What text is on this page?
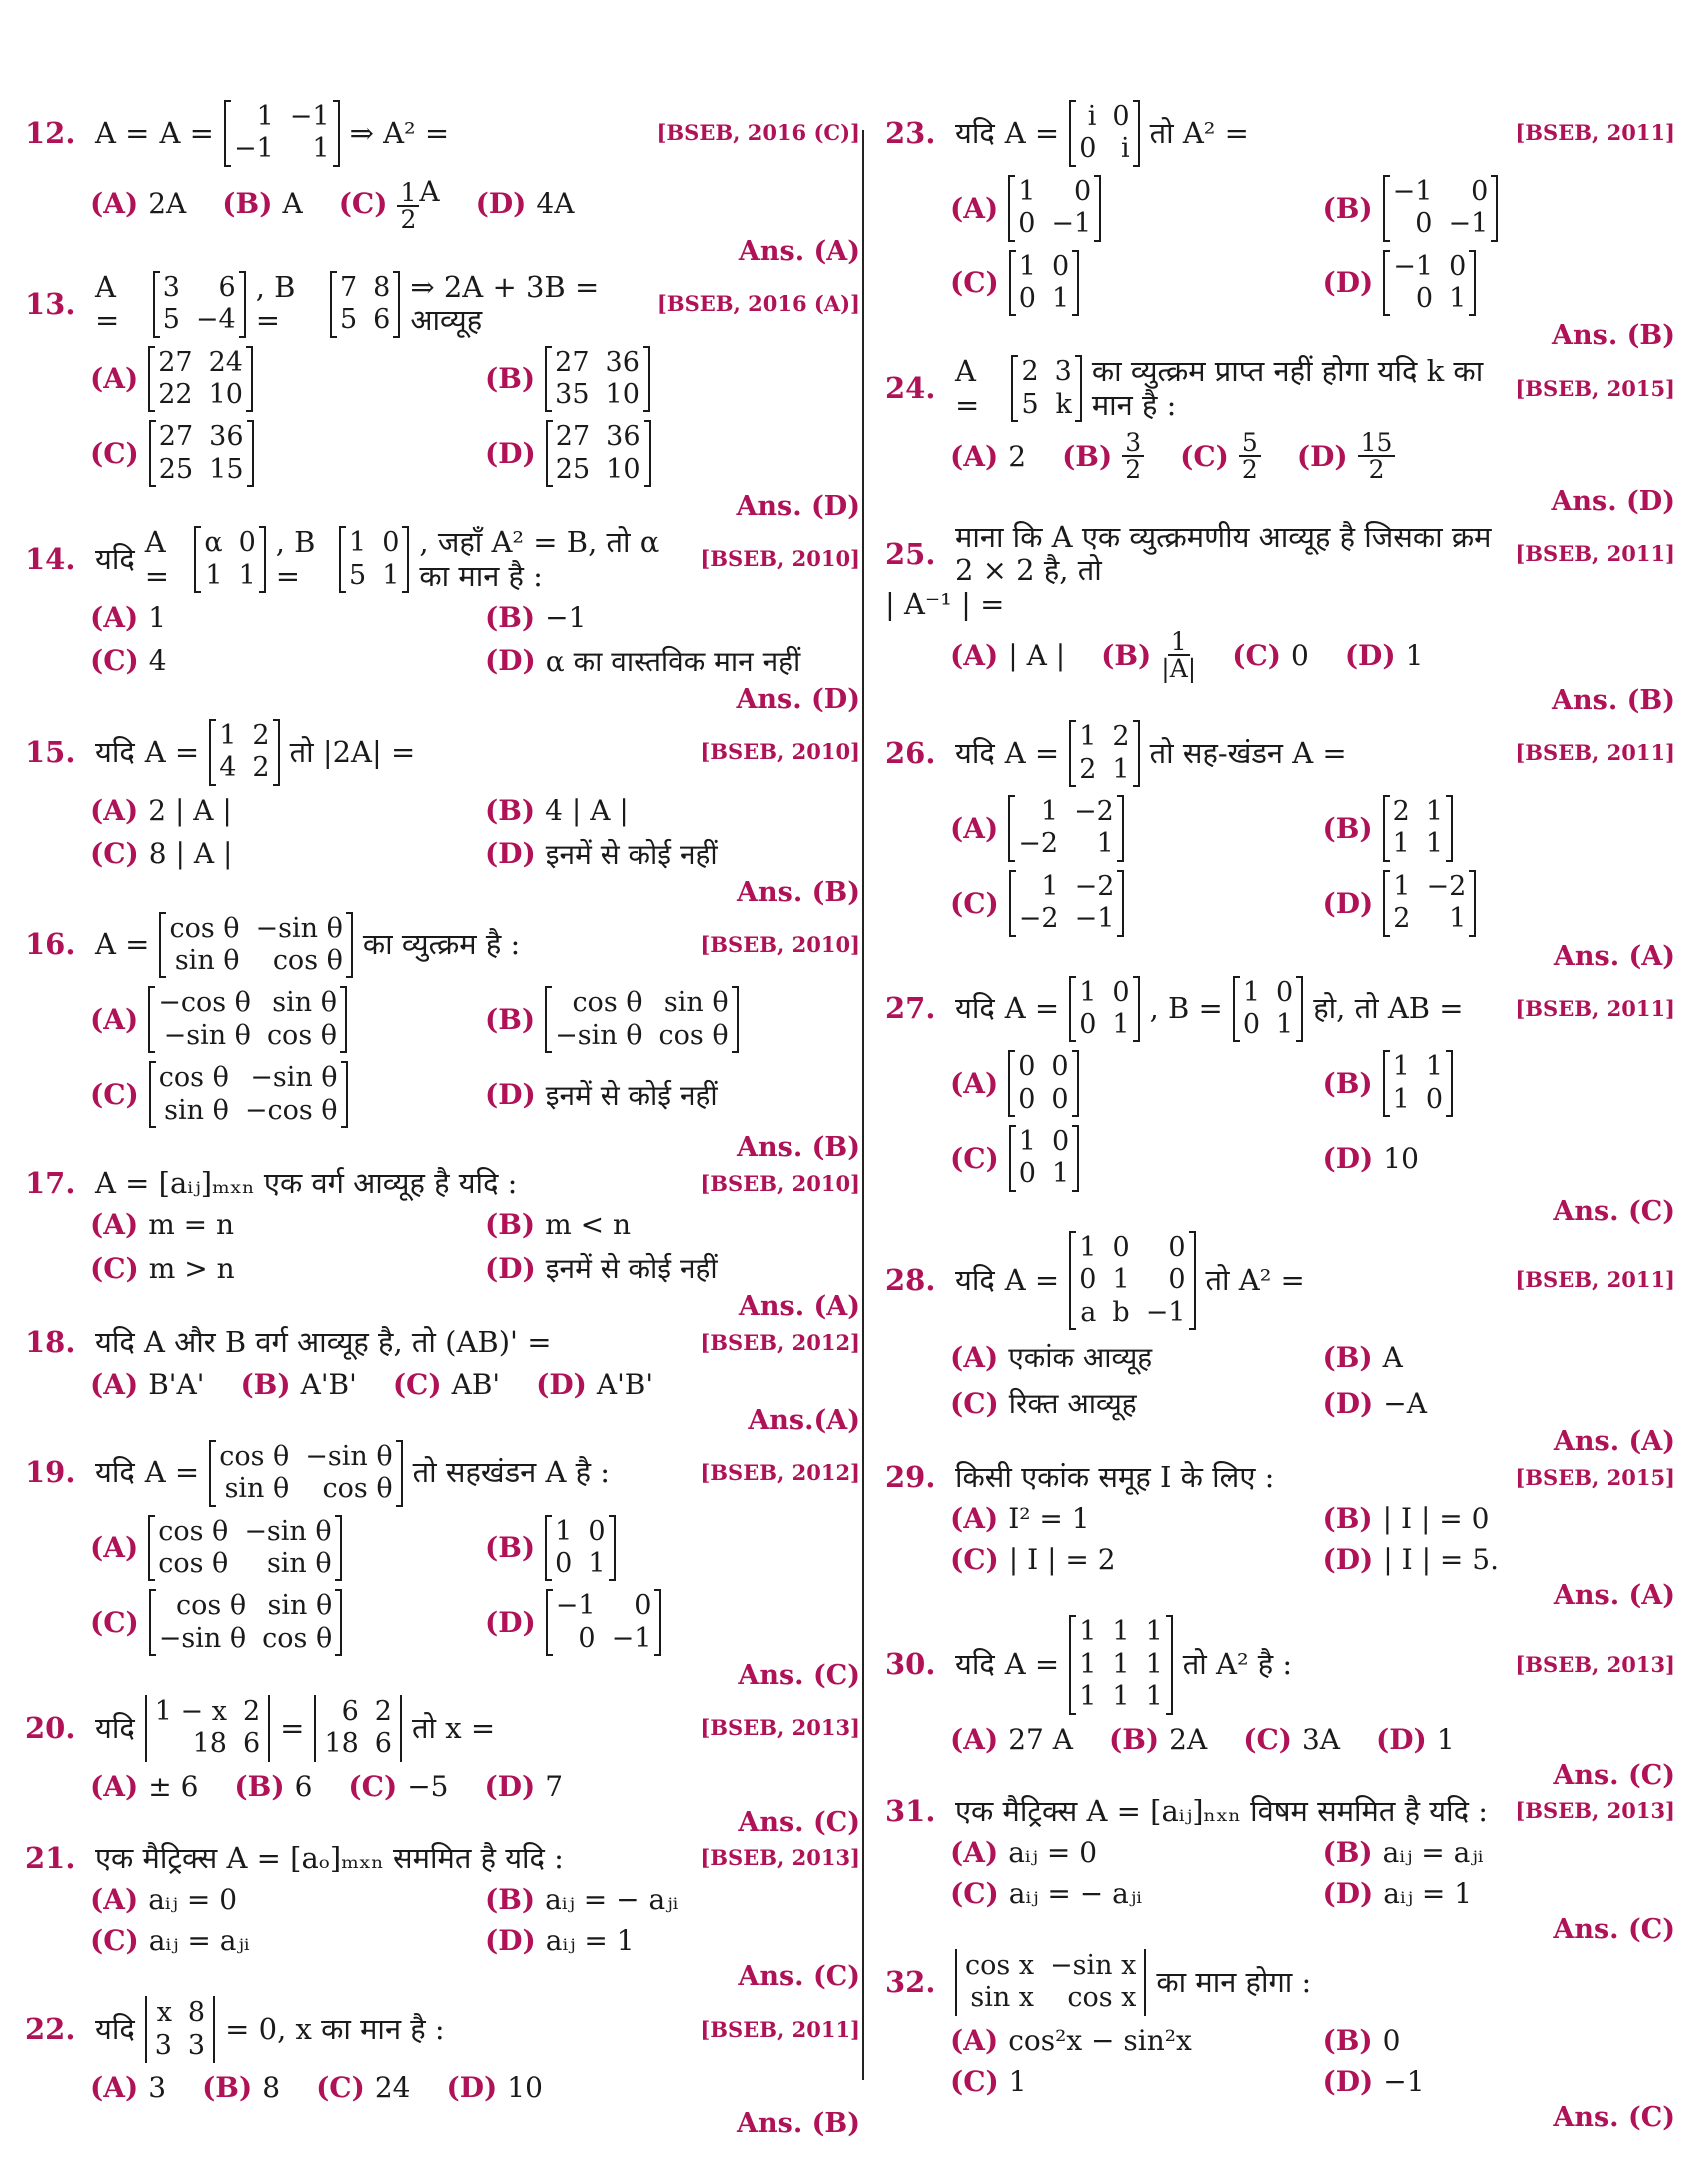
12. A = A =	1 −1
−1	1 ⇒ A² =	[BSEB, 2016 (C)]
(A) 2A (B) A $(C) \frac{1}{2}$ A (D) 4A
Ans. (A)
13. A =
3	6
5 −4
, B =
7 8
5 6
⇒ 2A + 3B = आव्यूह	[BSEB, 2016 (A)]
(A)
27 24
22 10	(B)
27 36
35 10
(C)
27 36
25 15	(D)
27 36
25 10
Ans. (D)
14. यदि A =
α 0
1 1
, B =
1 0
5 1
, जहाँ A² = B, तो α का मान है :	[BSEB, 2010]
(A) 1	(B) −1
(C) 4	(D) α का वास्तविक मान नहीं
Ans. (D)
15. यदि A = 1 2
4 2 तो |2A| =	[BSEB, 2010]
(A) 2 | A |	(B) 4 | A |
(C) 8 | A |	(D) इनमें से कोई नहीं
Ans. (B)
16. A = cos θ −sin θ
sin θ	cos θ का व्युत्क्रम है :	[BSEB, 2010]
(A)
−cos θ sin θ
−sin θ cos θ	(B)
cos θ sin θ
−sin θ cos θ
(C)
cos θ −sin θ
sin θ −cos θ	(D) इनमें से कोई नहीं
Ans. (B)
17. A = [aᵢⱼ]ₘₓₙ एक वर्ग आव्यूह है यदि :	[BSEB, 2010]
(A) m = n	(B) m < n
(C) m > n	(D) इनमें से कोई नहीं
Ans. (A)
18. यदि A और B वर्ग आव्यूह है, तो (AB)' =	[BSEB, 2012]
(A) B'A' (B) A'B' (C) AB' (D) A'B'
Ans.(A)
19. यदि A = cos θ −sin θ
sin θ	cos θ तो सहखंडन A है :	[BSEB, 2012]
(A)
cos θ −sin θ
cos θ	sin θ	(B)
1 0
0 1
(C)
cos θ sin θ
−sin θ cos θ	(D)
−1	0
0 −1
Ans. (C)
20. यदि 1 − x 2
18 6 =	6 2
18 6 तो x =	[BSEB, 2013]
(A) ± 6 (B) 6 (C) −5 (D) 7
Ans. (C)
21. एक मैट्रिक्स A = [aₒ]ₘₓₙ सममित है यदि :	[BSEB, 2013]
(A) aᵢⱼ = 0	(B) aᵢⱼ = − aⱼᵢ
(C) aᵢⱼ = aⱼᵢ	(D) aᵢⱼ = 1
Ans. (C)
22. यदि x 8
3 3 = 0, x का मान है :	[BSEB, 2011]
(A) 3 (B) 8 (C) 24 (D) 10
Ans. (B)
23. यदि A =	i 0
0 i तो A² =	[BSEB, 2011]
(A)
1	0
0 −1	(B)
−1	0
0 −1
(C)
1 0
0 1	(D)
−1 0
0 1
Ans. (B)
24. A =
2 3
5 k
का व्युत्क्रम प्राप्त नहीं होगा यदि k का मान है :	[BSEB, 2015]
(A) 2 $(B) \frac{3}{2} (C) \frac{5}{2} (D) \frac{15}{2}$
Ans. (D)
25. माना कि A एक व्युत्क्रमणीय आव्यूह है जिसका क्रम 2 × 2 है, तो	[BSEB, 2011]
| A⁻¹ | =
(A) | A | $(B) \frac{1}{|A|} (C)$ 0 (D) 1
Ans. (B)
26. यदि A = 1 2
2 1 तो सह-खंडन A =	[BSEB, 2011]
(A)
1 −2
−2	1	(B)
2 1
1 1
(C)
1 −2
−2 −1	(D)
1 −2
2	1
Ans. (A)
27. यदि A = 1 0
0 1 , B = 1 0
0 1 हो, तो AB = [BSEB, 2011]
(A)
0 0
0 0	(B)
1 1
1 0
(C)
1 0
0 1	(D) 10
Ans. (C)
28. यदि A =
1 0	0
0 1	0
a b −1
तो A² =	[BSEB, 2011]
(A) एकांक आव्यूह	(B) A
(C) रिक्त आव्यूह	(D) −A
Ans. (A)
29. किसी एकांक समूह I के लिए :	[BSEB, 2015]
(A) I² = 1	(B) | I | = 0
(C) | I | = 2	(D) | I | = 5.
Ans. (A)
30. यदि A =
1 1 1
1 1 1
1 1 1
तो A² है :	[BSEB, 2013]
(A) 27 A (B) 2A (C) 3A (D) 1
Ans. (C)
31. एक मैट्रिक्स A = [aᵢⱼ]ₙₓₙ विषम सममित है यदि : [BSEB, 2013]
(A) aᵢⱼ = 0	(B) aᵢⱼ = aⱼᵢ
(C) aᵢⱼ = − aⱼᵢ	(D) aᵢⱼ = 1
Ans. (C)
32.	cos x −sin x
sin x	cos x का मान होगा :
(A) cos²x − sin²x	(B) 0
(C) 1	(D) −1
Ans. (C)
